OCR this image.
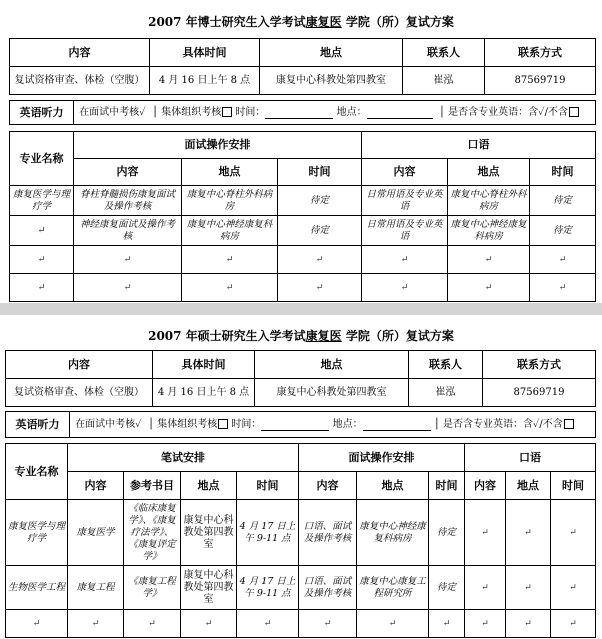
2007 年博士研究生入学考试康复医 学院（所）复试方案
内容	具体时间	地点	联系人	联系方式
复试资格审查、体检（空腹）	4 月 16 日上午 8 点	康复中心科教处第四教室	崔泓	87569719
英语听力	在面试中考核✓  │ 集体组织考核 时间：	地点：	│ 是否含专业英语：含✓/不含
专业名称	面试操作安排			口语		
	内容	地点	时间	内容	地点	时间
康复医学与理疗学	脊柱脊髓损伤康复面试及操作考核	康复中心脊柱外科病房	待定	日常用语及专业英语	康复中心脊柱外科病房	待定
↵	神经康复面试及操作考核	康复中心神经康复科病房	待定	日常用语及专业英语	康复中心神经康复科病房	待定
↵	↵	↵	↵	↵	↵	↵
↵	↵	↵	↵	↵	↵	↵
2007 年硕士研究生入学考试康复医 学院（所）复试方案
内容	具体时间	地点	联系人	联系方式
复试资格审查、体检（空腹）	4 月 16 日上午 8 点	康复中心科教处第四教室	崔泓	87569719
英语听力	在面试中考核✓  │ 集体组织考核 时间：	地点：	│ 是否含专业英语：含✓/不含
专业名称	笔试安排				面试操作安排			口语		
	内容	参考书目	地点	时间	内容	地点	时间	内容	地点	时间
康复医学与理疗学	康复医学	《临床康复学》、《康复疗法学》、《康复评定学》	康复中心科教处第四教室	4 月 17 日上午 9-11 点	口语、面试及操作考核	康复中心神经康复科病房	待定	↵	↵	↵
生物医学工程	康复工程	《康复工程学》	康复中心科教处第四教室	4 月 17 日上午 9-11 点	口语、面试及操作考核	康复中心康复工程研究所	待定	↵	↵	↵
↵	↵	↵	↵	↵	↵	↵	↵	↵	↵	↵
